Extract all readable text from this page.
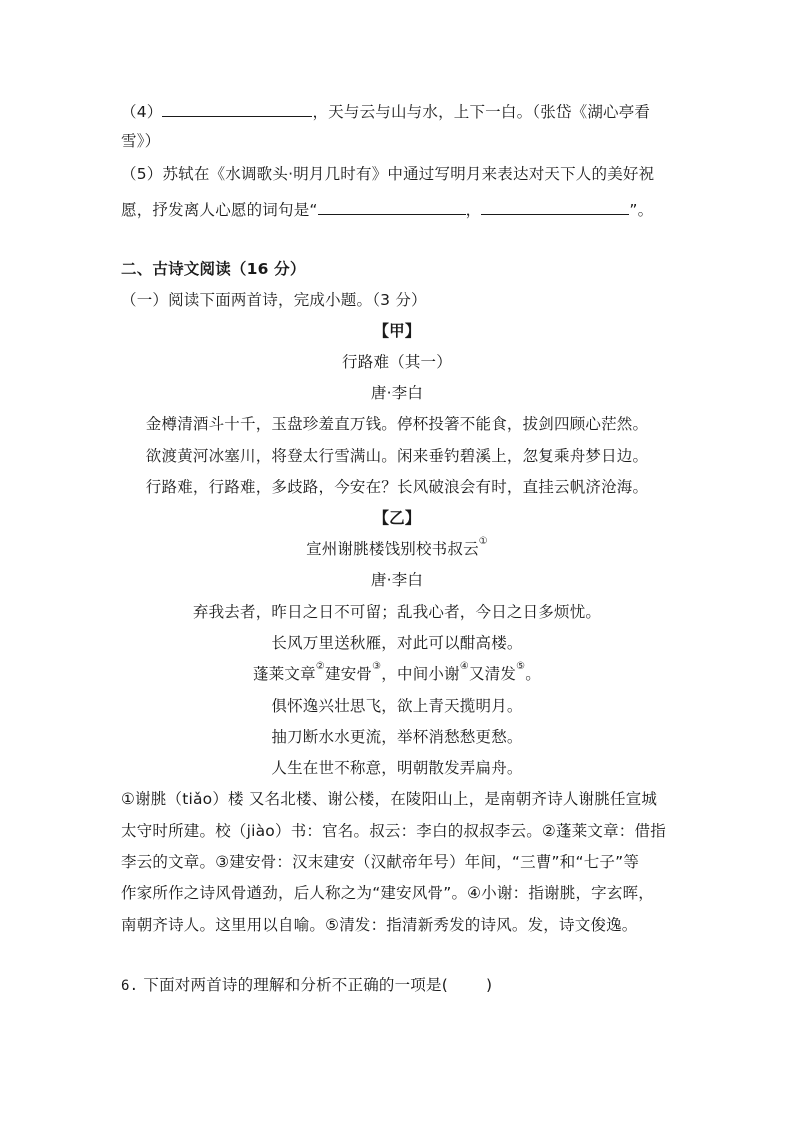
（4）	，天与云与山与水，上下一白。（张岱《湖心亭看
雪》）
（5）苏轼在《水调歌头·明月几时有》中通过写明月来表达对天下人的美好祝
愿，抒发离人心愿的词句是“	，	”。
二、古诗文阅读（16 分）
（一）阅读下面两首诗，完成小题。（3 分）
【甲】
行路难（其一）
唐·李白
金樽清酒斗十千，玉盘珍羞直万钱。停杯投箸不能食，拔剑四顾心茫然。
欲渡黄河冰塞川，将登太行雪满山。闲来垂钓碧溪上，忽复乘舟梦日边。
行路难，行路难，多歧路，今安在？长风破浪会有时，直挂云帆济沧海。
【乙】
宣州谢朓楼饯别校书叔云①
唐·李白
弃我去者，昨日之日不可留；乱我心者，今日之日多烦忧。
长风万里送秋雁，对此可以酣高楼。
蓬莱文章②建安骨③，中间小谢④又清发⑤。
俱怀逸兴壮思飞，欲上青天揽明月。
抽刀断水水更流，举杯消愁愁更愁。
人生在世不称意，明朝散发弄扁舟。
①谢朓（tiǎo）楼 又名北楼、谢公楼，在陵阳山上，是南朝齐诗人谢朓任宣城
太守时所建。校（jiào）书：官名。叔云：李白的叔叔李云。②蓬莱文章：借指
李云的文章。③建安骨：汉末建安（汉献帝年号）年间，“三曹”和“七子”等
作家所作之诗风骨遒劲，后人称之为“建安风骨”。④小谢：指谢朓，字玄晖，
南朝齐诗人。这里用以自喻。⑤清发：指清新秀发的诗风。发，诗文俊逸。
6. 下面对两首诗的理解和分析不正确的一项是( )
